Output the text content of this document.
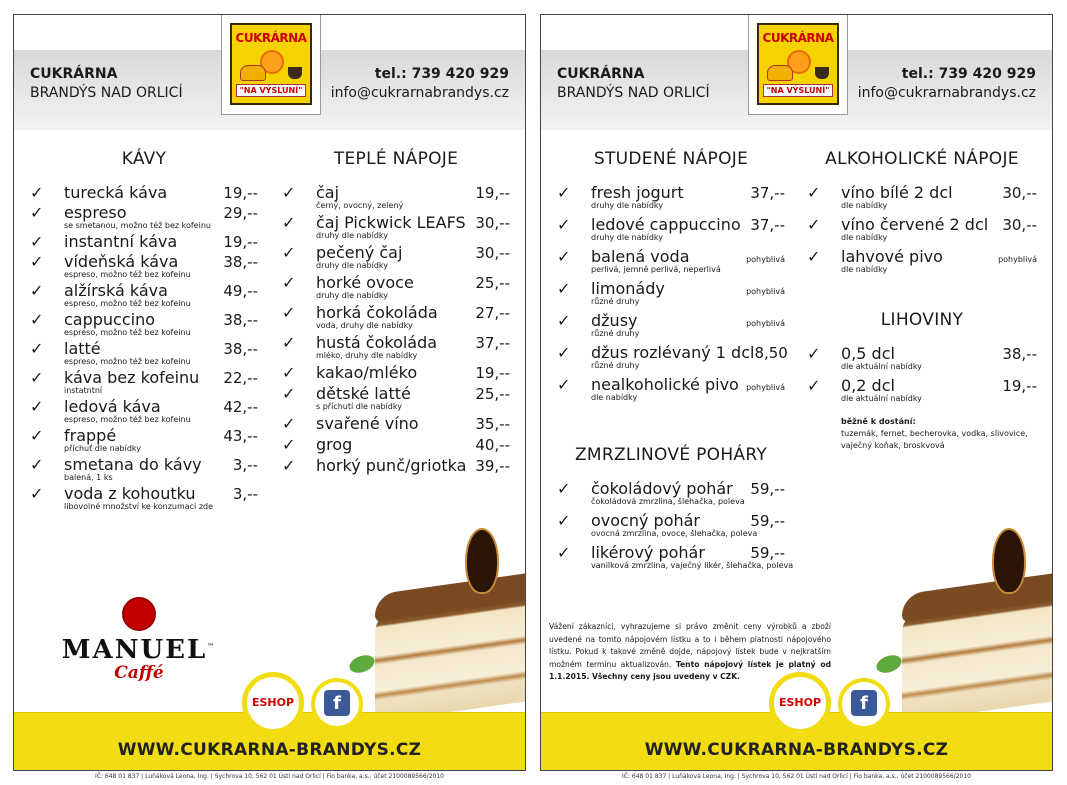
CUKRÁRNA
"NA VÝSLUNÍ"
CUKRÁRNA
BRANDÝS NAD ORLICÍ
tel.: 739 420 929
info@cukrarnabrandys.cz
KÁVY
✓ turecká káva	19,--
✓ espreso	29,--
se smetanou, možno též bez kofeinu
✓ instantní káva	19,--
✓ vídeňská káva	38,--
espreso, možno též bez kofeinu
✓ alžírská káva	49,--
espreso, možno též bez kofeinu
✓ cappuccino	38,--
espreso, možno též bez kofeinu
✓ latté	38,--
espreso, možno též bez kofeinu
✓ káva bez kofeinu 22,--
instatntní
✓ ledová káva	42,--
espreso, možno též bez kofeinu
✓ frappé	43,--
příchuť dle nabídky
✓ smetana do kávy 3,--
balená, 1 ks
✓ voda z kohoutku 3,--
libovolné množství ke konzumaci zde
TEPLÉ NÁPOJE
✓ čaj	19,--
černý, ovocný, zelený
✓ čaj Pickwick LEAFS 30,--
druhy dle nabídky
✓ pečený čaj	30,--
druhy dle nabídky
✓ horké ovoce	25,--
druhy dle nabídky
✓ horká čokoláda	27,--
voda, druhy dle nabídky
✓ hustá čokoláda	37,--
mléko, druhy dle nabídky
✓ kakao/mléko	19,--
✓ dětské latté	25,--
s příchutí dle nabídky
✓ svařené víno	35,--
✓ grog	40,--
✓ horký punč/griotka 39,--
MANUEL™
Caffé
WWW.CUKRARNA-BRANDYS.CZ
ESHOP	f
IČ: 648 01 837 | Luňáková Leona, Ing. | Sychrova 10, 562 01 Ústí nad Orlicí | Fio banka, a.s., účet 2100089566/2010
CUKRÁRNA
"NA VÝSLUNÍ"
CUKRÁRNA
BRANDÝS NAD ORLICÍ
tel.: 739 420 929
info@cukrarnabrandys.cz
STUDENÉ NÁPOJE
✓ fresh jogurt	37,--
druhy dle nabídky
✓ ledové cappuccino 37,--
druhy dle nabídky
✓ balená voda	pohyblivá
perlivá, jemně perlivá, neperlivá
✓ limonády	pohyblivá
různé druhy
✓ džusy	pohyblivá
různé druhy
✓ džus rozlévaný 1 dcl 8,50
různé druhy
✓ nealkoholické pivo pohyblivá
dle nabídky
ALKOHOLICKÉ NÁPOJE
✓ víno bílé 2 dcl	30,--
dle nabídky
✓ víno červené 2 dcl 30,--
dle nabídky
✓ lahvové pivo	pohyblivá
dle nabídky
LIHOVINY
✓ 0,5 dcl	38,--
dle aktuální nabídky
✓ 0,2 dcl	19,--
dle aktuální nabídky
běžně k dostání:
tuzemák, fernet, becherovka, vodka, slivovice, vaječný koňak, broskvová
ZMRZLINOVÉ POHÁRY
✓ čokoládový pohár 59,--
čokoládová zmrzlina, šlehačka, poleva
✓ ovocný pohár	59,--
ovocná zmrzlina, ovoce, šlehačka, poleva
✓ likérový pohár	59,--
vanilková zmrzlina, vaječný likér, šlehačka, poleva
Vážení zákazníci, vyhrazujeme si právo změnit ceny výrobků a zboží uvedené na tomto nápojovém lístku a to i během platnosti nápojového lístku. Pokud k takové změně dojde, nápojový lístek bude v nejkratším možném termínu aktualizován. Tento nápojový lístek je platný od 1.1.2015. Všechny ceny jsou uvedeny v CZK.
WWW.CUKRARNA-BRANDYS.CZ
ESHOP	f
IČ: 648 01 837 | Luňáková Leona, Ing. | Sychrova 10, 562 01 Ústí nad Orlicí | Fio banka, a.s., účet 2100089566/2010
